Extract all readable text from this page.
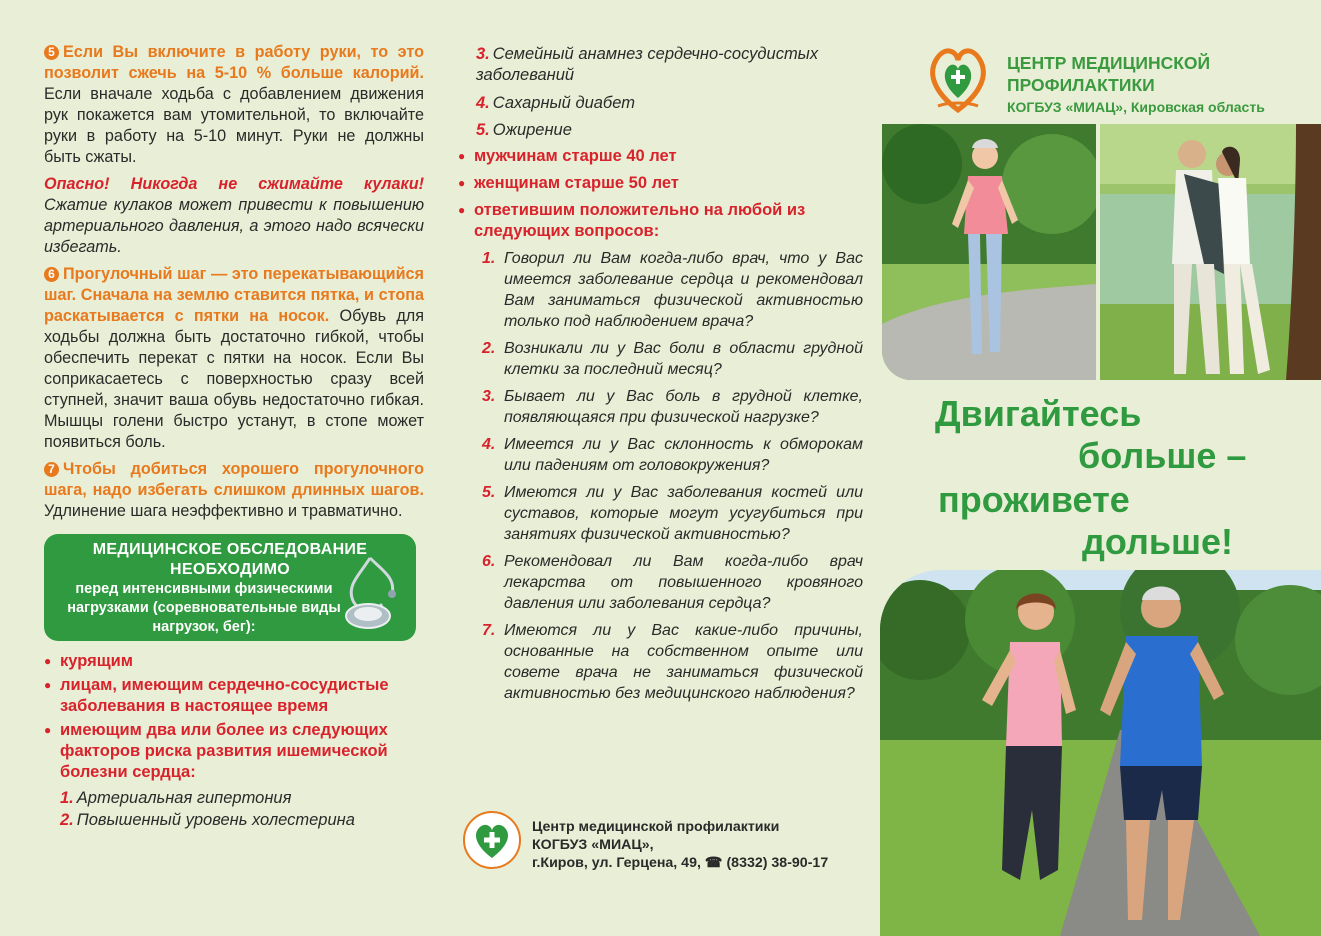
5 Если Вы включите в работу руки, то это позволит сжечь на 5-10 % больше калорий. Если вначале ходьба с добавлением движения рук покажется вам утомительной, то включайте руки в работу на 5-10 минут. Руки не должны быть сжаты.
Опасно! Никогда не сжимайте кулаки! Сжатие кулаков может привести к повышению артериального давления, а этого надо всячески избегать.
6 Прогулочный шаг — это перекатывающийся шаг. Сначала на землю ставится пятка, и стопа раскатывается с пятки на носок. Обувь для ходьбы должна быть достаточно гибкой, чтобы обеспечить перекат с пятки на носок. Если Вы соприкасаетесь с поверхностью сразу всей ступней, значит ваша обувь недостаточно гибкая. Мышцы голени быстро устанут, в стопе может появиться боль.
7 Чтобы добиться хорошего прогулочного шага, надо избегать слишком длинных шагов. Удлинение шага неэффективно и травматично.
МЕДИЦИНСКОЕ ОБСЛЕДОВАНИЕ НЕОБХОДИМО
перед интенсивными физическими нагрузками (соревновательные виды нагрузок, бег):
● курящим
● лицам, имеющим сердечно-сосудистые заболевания в настоящее время
● имеющим два или более из следующих факторов риска развития ишемической болезни сердца:
1. Артериальная гипертония
2. Повышенный уровень холестерина
3. Семейный анамнез сердечно-сосудистых заболеваний
4. Сахарный диабет
5. Ожирение
● мужчинам старше 40 лет
● женщинам старше 50 лет
● ответившим положительно на любой из следующих вопросов:
1. Говорил ли Вам когда-либо врач, что у Вас имеется заболевание сердца и рекомендовал Вам заниматься физической активностью только под наблюдением врача?
2. Возникали ли у Вас боли в области грудной клетки за последний месяц?
3. Бывает ли у Вас боль в грудной клетке, появляющаяся при физической нагрузке?
4. Имеется ли у Вас склонность к обморокам или падениям от головокружения?
5. Имеются ли у Вас заболевания костей или суставов, которые могут усугубиться при занятиях физической активностью?
6. Рекомендовал ли Вам когда-либо врач лекарства от повышенного кровяного давления или заболевания сердца?
7. Имеются ли у Вас какие-либо причины, основанные на собственном опыте или совете врача не заниматься физической активностью без медицинского наблюдения?
Центр медицинской профилактики
КОГБУЗ «МИАЦ»,
г.Киров, ул. Герцена, 49, ☎ (8332) 38-90-17
ЦЕНТР МЕДИЦИНСКОЙ
ПРОФИЛАКТИКИ
КОГБУЗ «МИАЦ», Кировская область
Двигайтесь
больше –
проживете
дольше!
